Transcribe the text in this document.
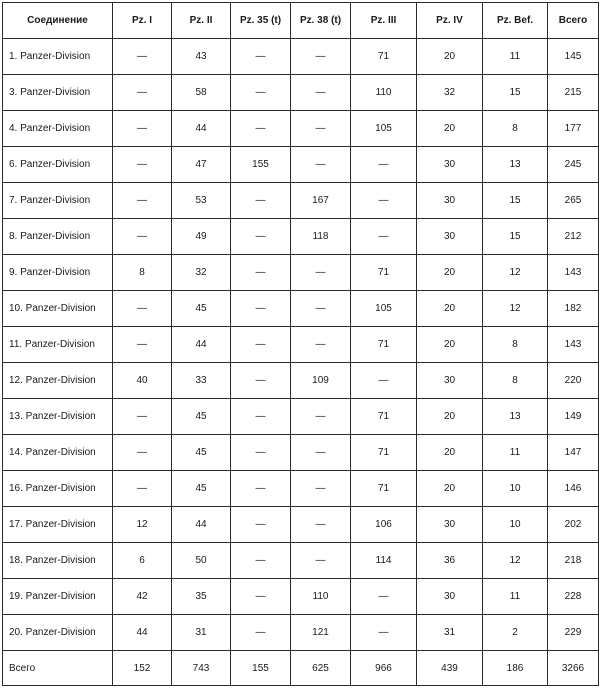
Соединение	Pz. I	Pz. II	Pz. 35 (t)	Pz. 38 (t)	Pz. III	Pz. IV	Pz. Bef.	Всего
1. Panzer-Division	—	43	—	—	71	20	11	145
3. Panzer-Division	—	58	—	—	110	32	15	215
4. Panzer-Division	—	44	—	—	105	20	8	177
6. Panzer-Division	—	47	155	—	—	30	13	245
7. Panzer-Division	—	53	—	167	—	30	15	265
8. Panzer-Division	—	49	—	118	—	30	15	212
9. Panzer-Division	8	32	—	—	71	20	12	143
10. Panzer-Division	—	45	—	—	105	20	12	182
11. Panzer-Division	—	44	—	—	71	20	8	143
12. Panzer-Division	40	33	—	109	—	30	8	220
13. Panzer-Division	—	45	—	—	71	20	13	149
14. Panzer-Division	—	45	—	—	71	20	11	147
16. Panzer-Division	—	45	—	—	71	20	10	146
17. Panzer-Division	12	44	—	—	106	30	10	202
18. Panzer-Division	6	50	—	—	114	36	12	218
19. Panzer-Division	42	35	—	110	—	30	11	228
20. Panzer-Division	44	31	—	121	—	31	2	229
Всего	152	743	155	625	966	439	186	3266
